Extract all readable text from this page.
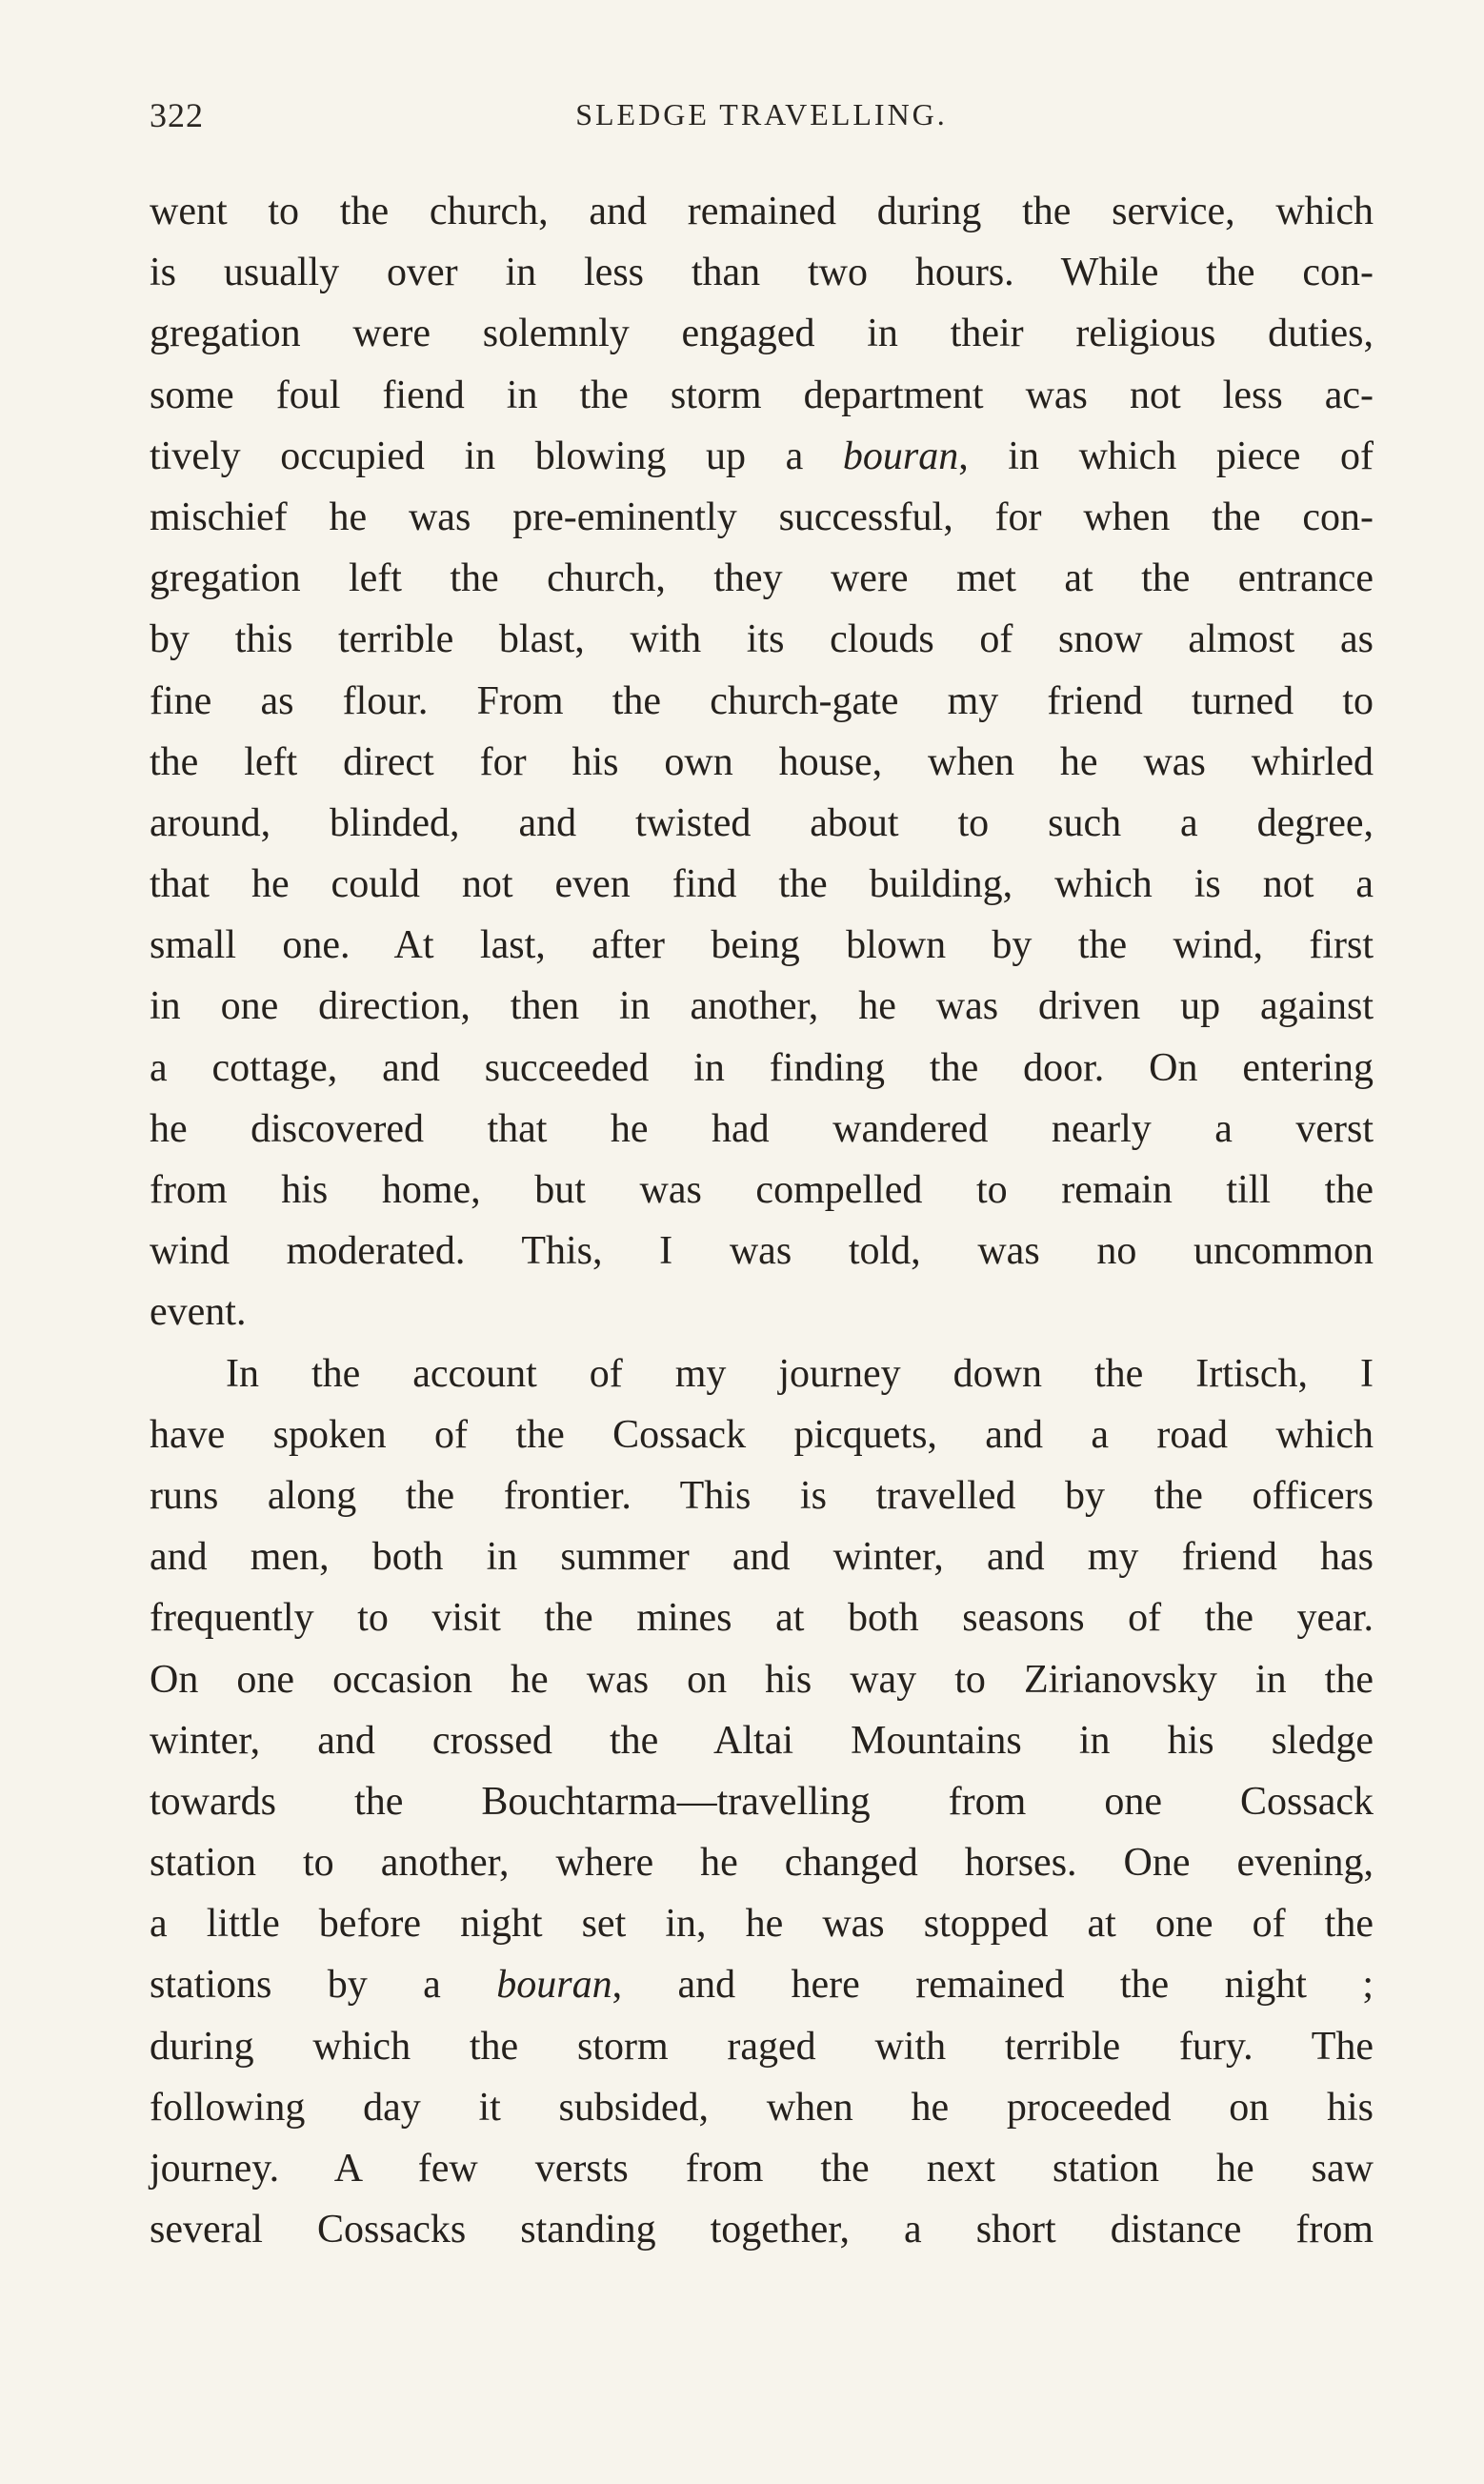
322	SLEDGE TRAVELLING.
went to the church, and remained during the service, which
is usually over in less than two hours. While the con-
gregation were solemnly engaged in their religious duties,
some foul fiend in the storm department was not less ac-
tively occupied in blowing up a bouran, in which piece of
mischief he was pre-eminently successful, for when the con-
gregation left the church, they were met at the entrance
by this terrible blast, with its clouds of snow almost as
fine as flour. From the church-gate my friend turned to
the left direct for his own house, when he was whirled
around, blinded, and twisted about to such a degree,
that he could not even find the building, which is not a
small one. At last, after being blown by the wind, first
in one direction, then in another, he was driven up against
a cottage, and succeeded in finding the door. On entering
he discovered that he had wandered nearly a verst
from his home, but was compelled to remain till the
wind moderated. This, I was told, was no uncommon
event.
In the account of my journey down the Irtisch, I
have spoken of the Cossack picquets, and a road which
runs along the frontier. This is travelled by the officers
and men, both in summer and winter, and my friend has
frequently to visit the mines at both seasons of the year.
On one occasion he was on his way to Zirianovsky in the
winter, and crossed the Altai Mountains in his sledge
towards the Bouchtarma—travelling from one Cossack
station to another, where he changed horses. One evening,
a little before night set in, he was stopped at one of the
stations by a bouran, and here remained the night ;
during which the storm raged with terrible fury. The
following day it subsided, when he proceeded on his
journey. A few versts from the next station he saw
several Cossacks standing together, a short distance from
